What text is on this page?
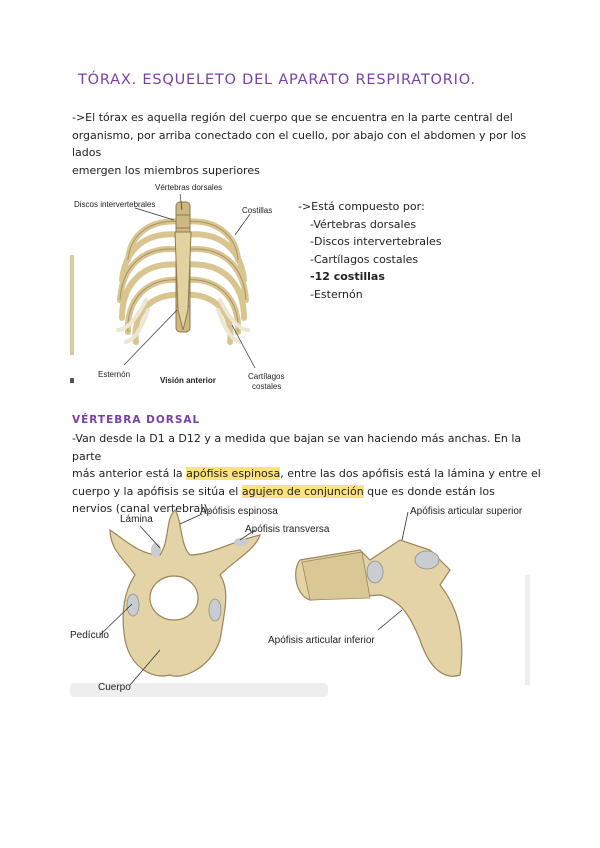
TÓRAX. ESQUELETO DEL APARATO RESPIRATORIO.
->El tórax es aquella región del cuerpo que se encuentra en la parte central del
organismo, por arriba conectado con el cuello, por abajo con el abdomen y por los lados
emergen los miembros superiores
Vértebras dorsales
Discos intervertebrales
Costillas
Esternón
Visión anterior	Cartílagos
costales
->Está compuesto por:
-Vértebras dorsales
-Discos intervertebrales
-Cartílagos costales
-12 costillas
-Esternón
VÉRTEBRA DORSAL
-Van desde la D1 a D12 y a medida que bajan se van haciendo más anchas. En la parte
más anterior está la apófisis espinosa, entre las dos apófisis está la lámina y entre el
cuerpo y la apófisis se sitúa el agujero de conjunción que es donde están los
nervios (canal vertebral).
Lámina
Apófisis espinosa
Apófisis transversa
Pedículo
Cuerpo
Apófisis articular superior
Apófisis articular inferior
